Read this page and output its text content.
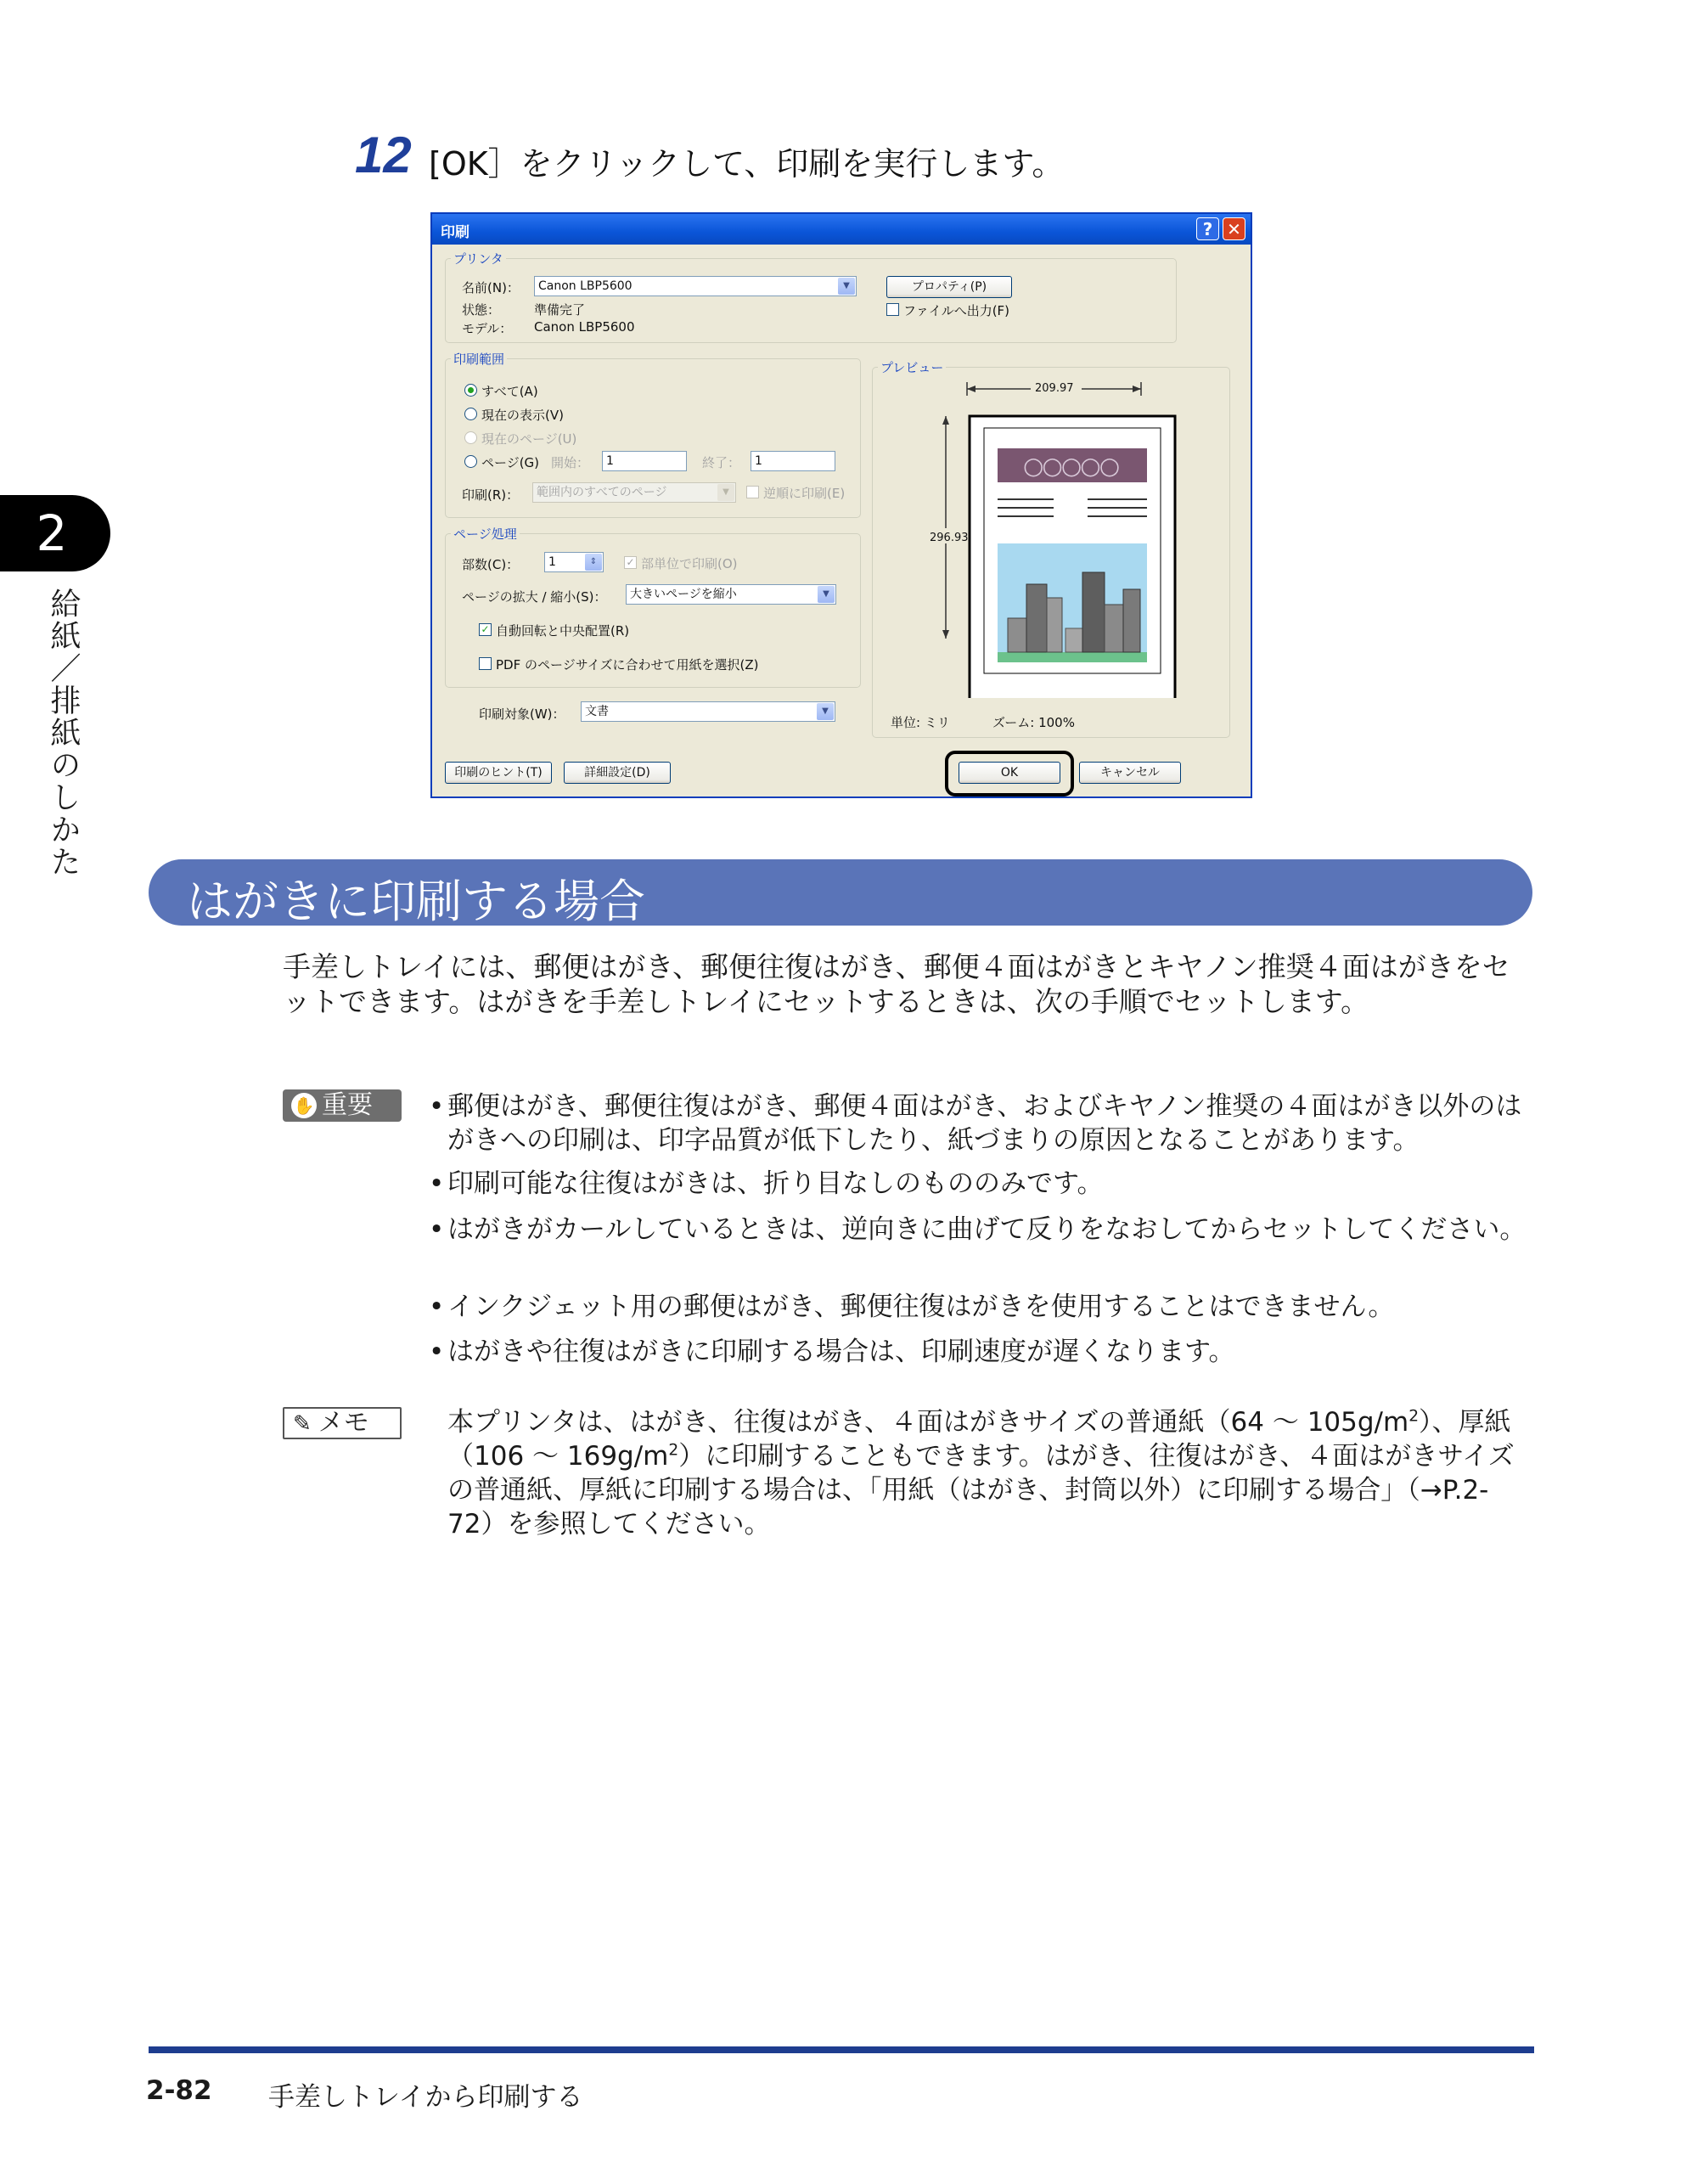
2
給紙／排紙のしかた
12 [OK］をクリックして、印刷を実行します。
印刷	? ✕
プリンタ
名前(N)：	Canon LBP5600	▼
状態：	準備完了
モデル： Canon LBP5600
プロパティ(P)
ファイルへ出力(F)
印刷範囲
すべて(A)
現在の表示(V)
現在のページ(U)
ページ(G) 開始：	1	終了：	1
印刷(R)：	範囲内のすべてのページ	▼	逆順に印刷(E)
ページ処理
部数(C)：	1	⇕	✓ 部単位で印刷(O)
ページの拡大 / 縮小(S)：	大きいページを縮小	▼
✓ 自動回転と中央配置(R)
PDF のページサイズに合わせて用紙を選択(Z)
印刷対象(W)：	文書	▼
プレビュー
209.97
296.93
○○○○○
単位: ミリ	ズーム: 100%
印刷のヒント(T)	詳細設定(D)	OK	キャンセル
はがきに印刷する場合
手差しトレイには、郵便はがき、郵便往復はがき、郵便４面はがきとキヤノン推奨４面はがきをセットできます。はがきを手差しトレイにセットするときは、次の手順でセットします。
✋ 重要	• 郵便はがき、郵便往復はがき、郵便４面はがき、およびキヤノン推奨の４面はがき以外のはがきへの印刷は、印字品質が低下したり、紙づまりの原因となることがあります。
• 印刷可能な往復はがきは、折り目なしのもののみです。
• はがきがカールしているときは、逆向きに曲げて反りをなおしてからセットしてください。
• インクジェット用の郵便はがき、郵便往復はがきを使用することはできません。
• はがきや往復はがきに印刷する場合は、印刷速度が遅くなります。
✎ メモ	本プリンタは、はがき、往復はがき、４面はがきサイズの普通紙（64 〜 $105g/m^2$）、厚紙（106 〜 $169g/m^2$）に印刷することもできます。はがき、往復はがき、４面はがきサイズの普通紙、厚紙に印刷する場合は、「用紙（はがき、封筒以外）に印刷する場合」（→P.2-72）を参照してください。
2-82 手差しトレイから印刷する
